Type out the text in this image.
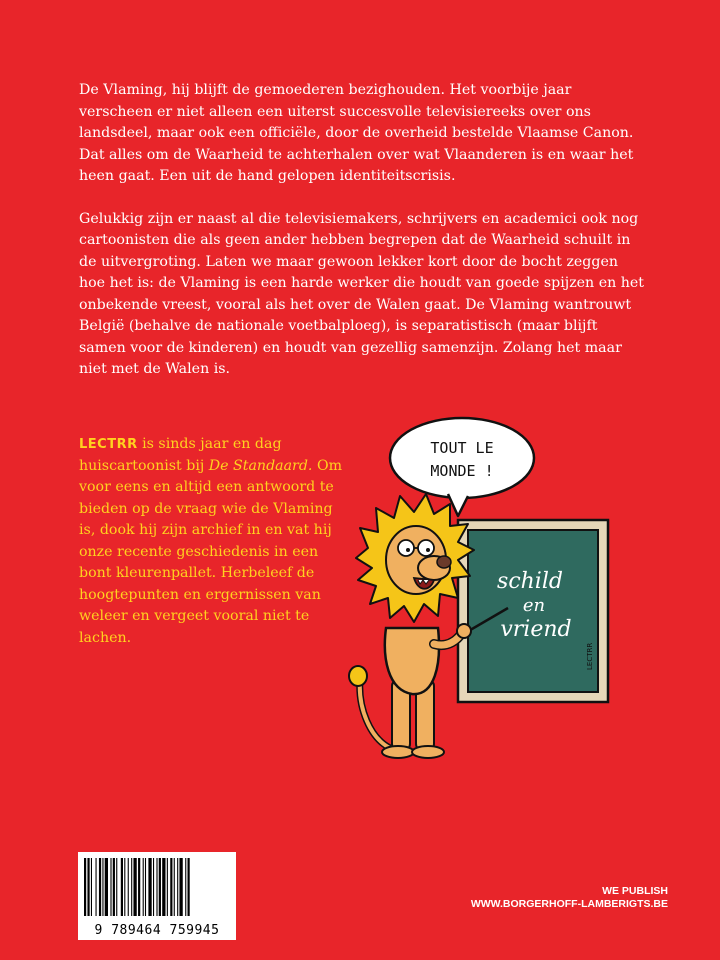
De Vlaming, hij blijft de gemoederen bezighouden. Het voorbije jaar verscheen er niet alleen een uiterst succesvolle televisiereeks over ons landsdeel, maar ook een officiële, door de overheid bestelde Vlaamse Canon. Dat alles om de Waarheid te achterhalen over wat Vlaanderen is en waar het heen gaat. Een uit de hand gelopen identiteitscrisis.

Gelukkig zijn er naast al die televisiemakers, schrijvers en academici ook nog cartoonisten die als geen ander hebben begrepen dat de Waarheid schuilt in de uitvergroting. Laten we maar gewoon lekker kort door de bocht zeggen hoe het is: de Vlaming is een harde werker die houdt van goede spijzen en het onbekende vreest, vooral als het over de Walen gaat. De Vlaming wantrouwt België (behalve de nationale voetbalploeg), is separatistisch (maar blijft samen voor de kinderen) en houdt van gezellig samenzijn. Zolang het maar niet met de Walen is.

LECTRR is sinds jaar en dag huiscartoonist bij De Standaard. Om voor eens en altijd een antwoord te bieden op de vraag wie de Vlaming is, dook hij zijn archief in en vat hij onze recente geschiedenis in een bont kleurenpallet. Herbeleef de hoogtepunten en ergernissen van weleer en vergeet vooral niet te lachen.
TOUT LE
MONDE !
schild
en
vriend
LECTRR
9 789464 759945
WE PUBLISH
WWW.BORGERHOFF-LAMBERIGTS.BE
